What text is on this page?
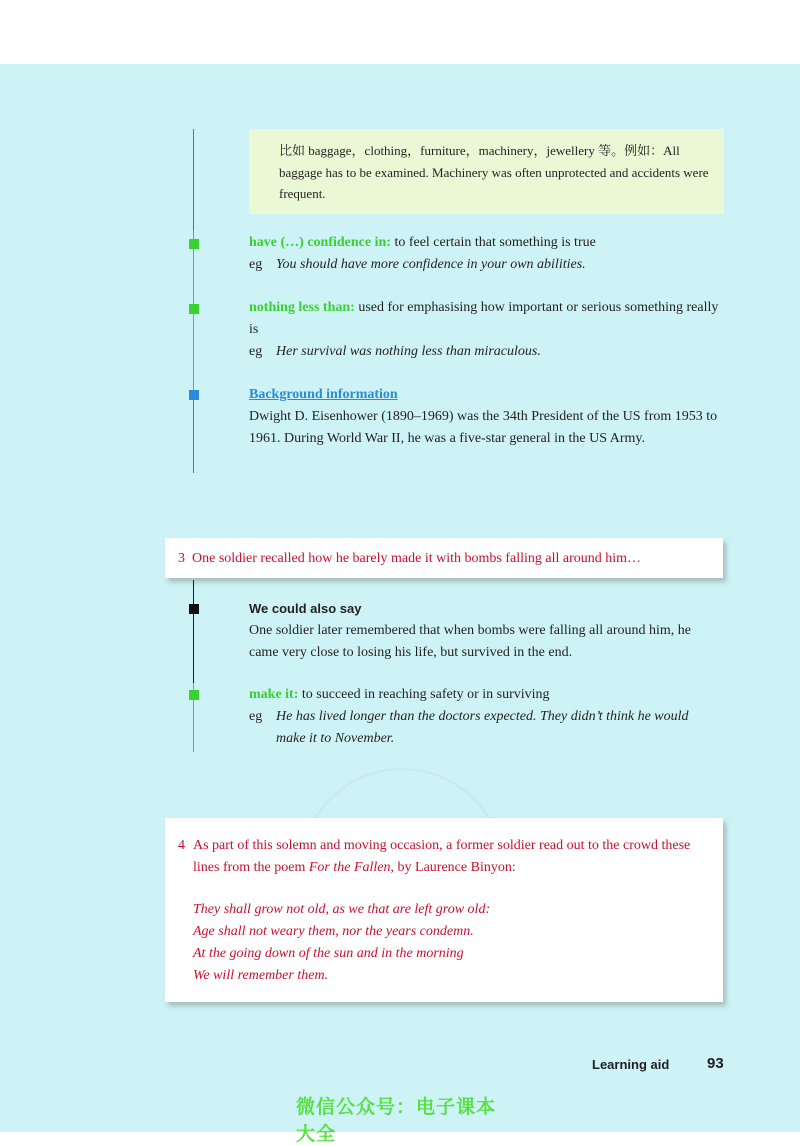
比如 baggage，clothing，furniture，machinery，jewellery 等。例如：All baggage has to be examined. Machinery was often unprotected and accidents were frequent.

have (…) confidence in: to feel certain that something is true
eg You should have more confidence in your own abilities.
nothing less than: used for emphasising how important or serious something really is
eg Her survival was nothing less than miraculous.
Background information
Dwight D. Eisenhower (1890–1969) was the 34th President of the US from 1953 to 1961. During World War II, he was a five-star general in the US Army.
3 One soldier recalled how he barely made it with bombs falling all around him…
We could also say
One soldier later remembered that when bombs were falling all around him, he came very close to losing his life, but survived in the end.
make it: to succeed in reaching safety or in surviving
eg He has lived longer than the doctors expected. They didn’t think he would make it to November.
4 As part of this solemn and moving occasion, a former soldier read out to the crowd these lines from the poem For the Fallen, by Laurence Binyon:
They shall grow not old, as we that are left grow old:
Age shall not weary them, nor the years condemn.
At the going down of the sun and in the morning
We will remember them.
Learning aid	93
微信公众号：电子课本大全
